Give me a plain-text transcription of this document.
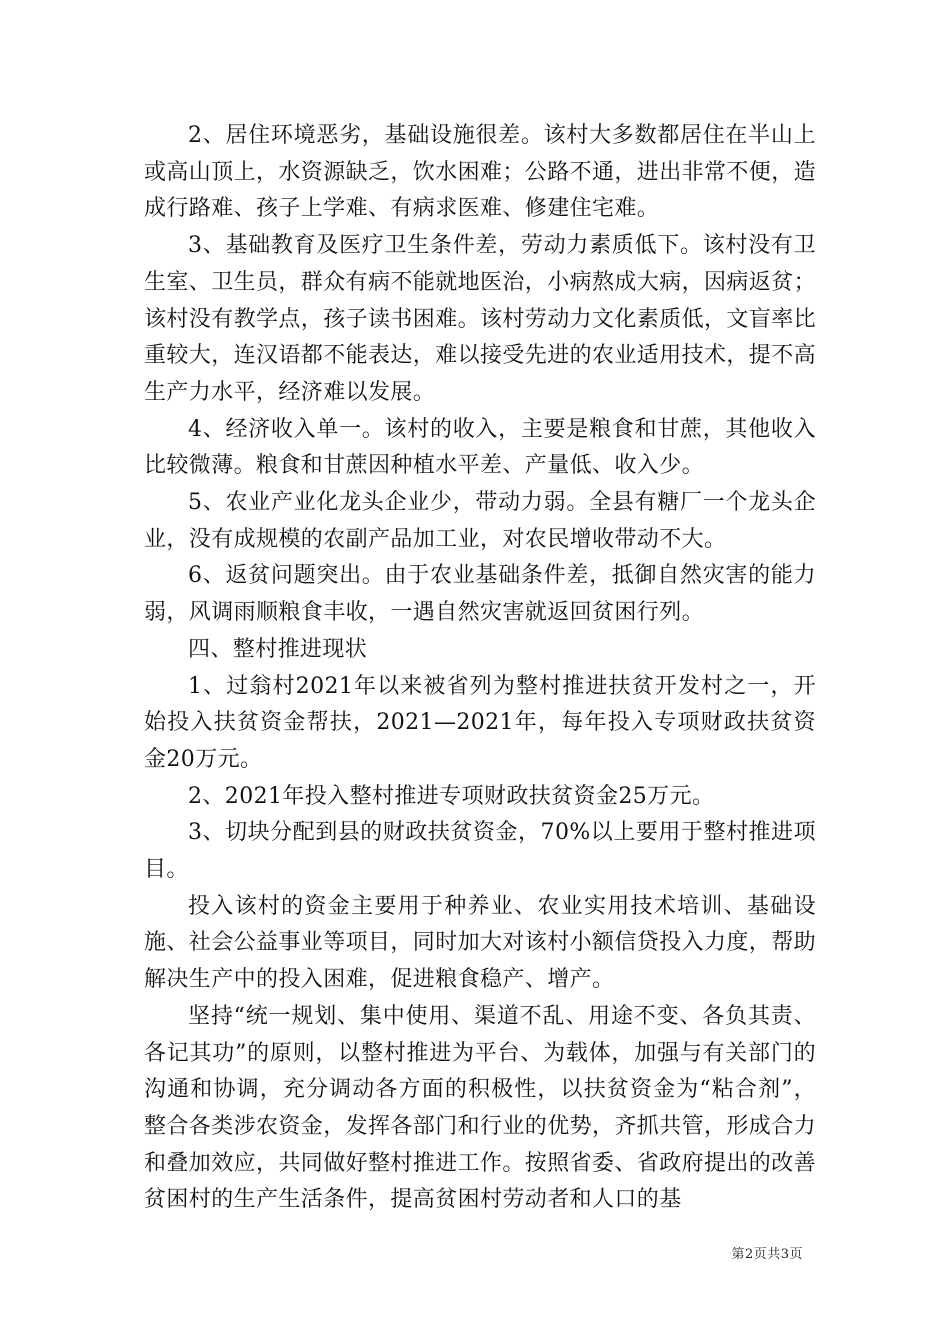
2、居住环境恶劣，基础设施很差。该村大多数都居住在半山上或高山顶上，水资源缺乏，饮水困难；公路不通，进出非常不便，造成行路难、孩子上学难、有病求医难、修建住宅难。

3、基础教育及医疗卫生条件差，劳动力素质低下。该村没有卫生室、卫生员，群众有病不能就地医治，小病熬成大病，因病返贫；该村没有教学点，孩子读书困难。该村劳动力文化素质低，文盲率比重较大，连汉语都不能表达，难以接受先进的农业适用技术，提不高生产力水平，经济难以发展。

4、经济收入单一。该村的收入，主要是粮食和甘蔗，其他收入比较微薄。粮食和甘蔗因种植水平差、产量低、收入少。

5、农业产业化龙头企业少，带动力弱。全县有糖厂一个龙头企业，没有成规模的农副产品加工业，对农民增收带动不大。

6、返贫问题突出。由于农业基础条件差，抵御自然灾害的能力弱，风调雨顺粮食丰收，一遇自然灾害就返回贫困行列。

四、整村推进现状

1、过翁村2021年以来被省列为整村推进扶贫开发村之一，开始投入扶贫资金帮扶，2021—2021年，每年投入专项财政扶贫资金20万元。

2、2021年投入整村推进专项财政扶贫资金25万元。

3、切块分配到县的财政扶贫资金，70%以上要用于整村推进项目。

投入该村的资金主要用于种养业、农业实用技术培训、基础设施、社会公益事业等项目，同时加大对该村小额信贷投入力度，帮助解决生产中的投入困难，促进粮食稳产、增产。

坚持“统一规划、集中使用、渠道不乱、用途不变、各负其责、各记其功”的原则，以整村推进为平台、为载体，加强与有关部门的沟通和协调，充分调动各方面的积极性，以扶贫资金为“粘合剂”，整合各类涉农资金，发挥各部门和行业的优势，齐抓共管，形成合力和叠加效应，共同做好整村推进工作。按照省委、省政府提出的改善贫困村的生产生活条件，提高贫困村劳动者和人口的基

第2页共3页
